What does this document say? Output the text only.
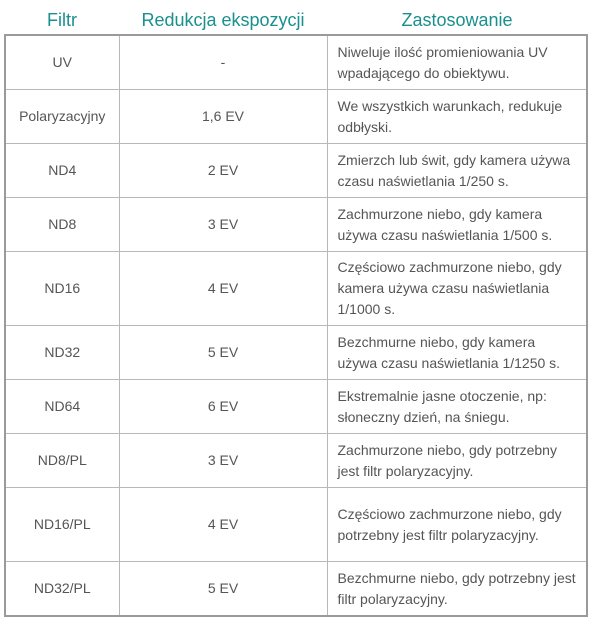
Filtr	Redukcja ekspozycji	Zastosowanie
UV	-	Niweluje ilość promieniowania UV wpadającego do obiektywu.
Polaryzacyjny	1,6 EV	We wszystkich warunkach, redukuje odbłyski.
ND4	2 EV	Zmierzch lub świt, gdy kamera używa czasu naświetlania 1/250 s.
ND8	3 EV	Zachmurzone niebo, gdy kamera używa czasu naświetlania 1/500 s.
ND16	4 EV	Częściowo zachmurzone niebo, gdy kamera używa czasu naświetlania 1/1000 s.
ND32	5 EV	Bezchmurne niebo, gdy kamera używa czasu naświetlania 1/1250 s.
ND64	6 EV	Ekstremalnie jasne otoczenie, np: słoneczny dzień, na śniegu.
ND8/PL	3 EV	Zachmurzone niebo, gdy potrzebny jest filtr polaryzacyjny.
ND16/PL	4 EV	Częściowo zachmurzone niebo, gdy potrzebny jest filtr polaryzacyjny.
ND32/PL	5 EV	Bezchmurne niebo, gdy potrzebny jest filtr polaryzacyjny.
